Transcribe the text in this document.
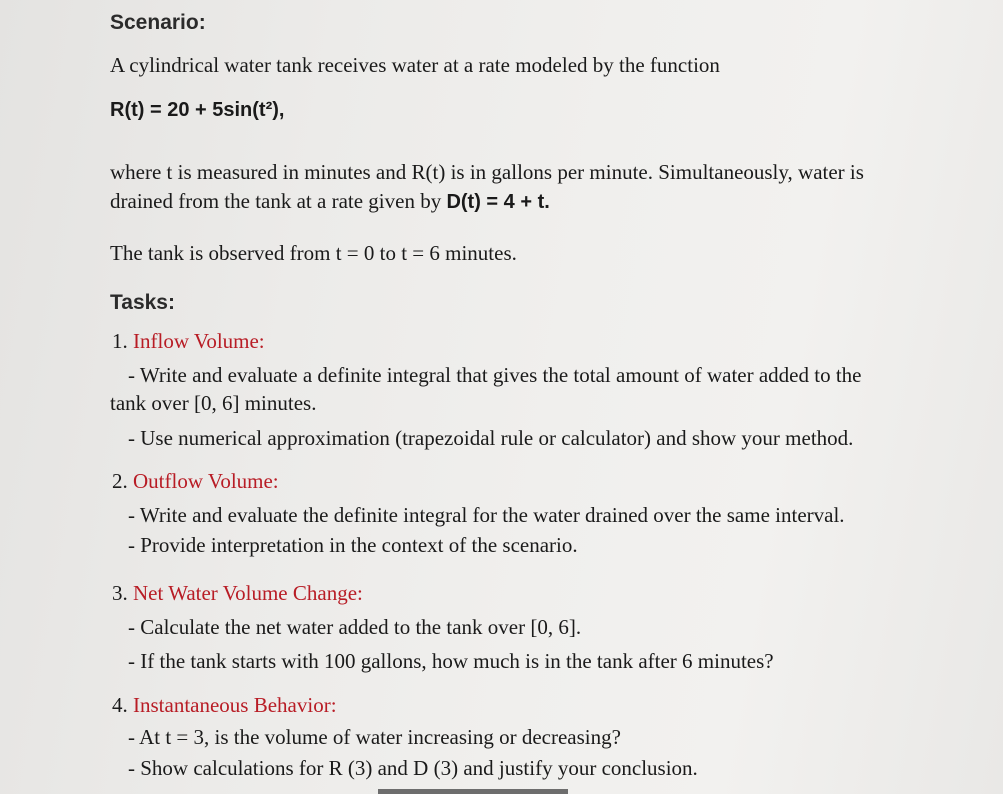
Scenario:
A cylindrical water tank receives water at a rate modeled by the function
R(t) = 20 + 5sin(t²),
where t is measured in minutes and R(t) is in gallons per minute. Simultaneously, water is
drained from the tank at a rate given by D(t) = 4 + t.
The tank is observed from t = 0 to t = 6 minutes.
Tasks:
1. Inflow Volume:
- Write and evaluate a definite integral that gives the total amount of water added to the
tank over [0, 6] minutes.
- Use numerical approximation (trapezoidal rule or calculator) and show your method.
2. Outflow Volume:
- Write and evaluate the definite integral for the water drained over the same interval.
- Provide interpretation in the context of the scenario.
3. Net Water Volume Change:
- Calculate the net water added to the tank over [0, 6].
- If the tank starts with 100 gallons, how much is in the tank after 6 minutes?
4. Instantaneous Behavior:
- At t = 3, is the volume of water increasing or decreasing?
- Show calculations for R (3) and D (3) and justify your conclusion.
